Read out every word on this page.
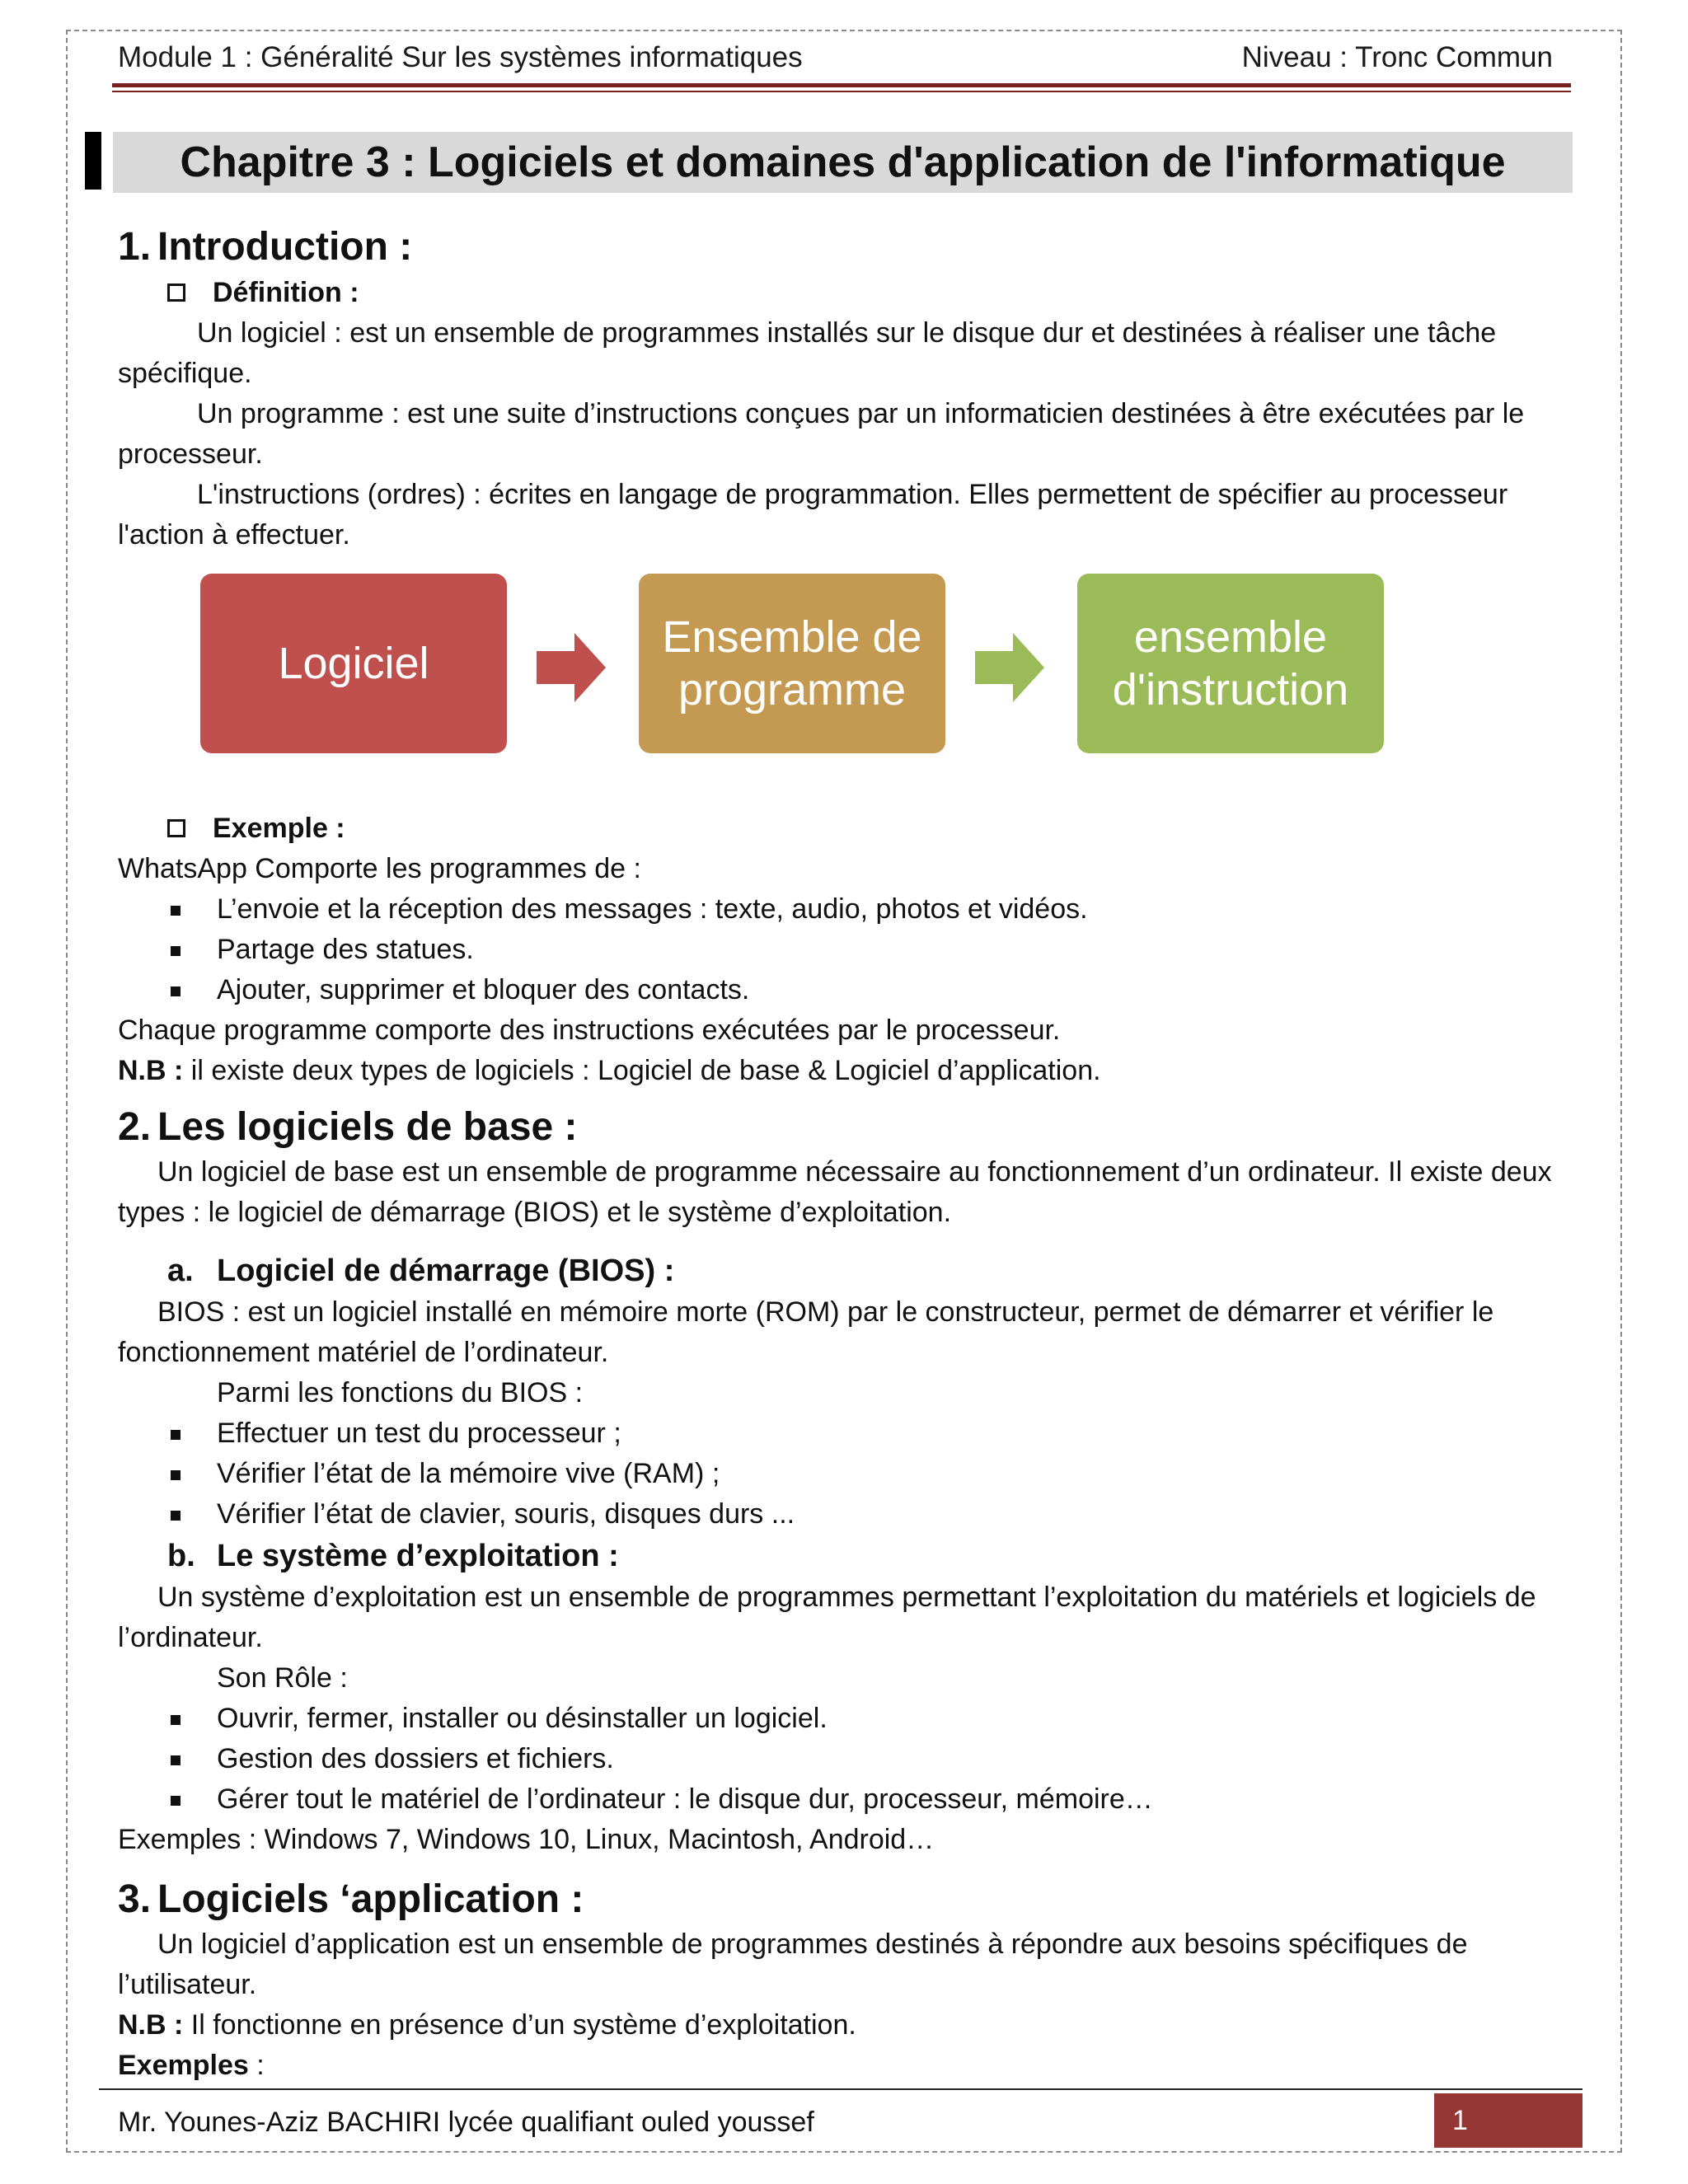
Module 1 : Généralité Sur les systèmes informatiques	Niveau : Tronc Commun
Chapitre 3 : Logiciels et domaines d'application de l'informatique
1. Introduction :
Définition :

Un logiciel : est un ensemble de programmes installés sur le disque dur et destinées à réaliser une tâche spécifique.

Un programme : est une suite d’instructions conçues par un informaticien destinées à être exécutées par le processeur.

L'instructions (ordres) : écrites en langage de programmation. Elles permettent de spécifier au processeur l'action à effectuer.

Logiciel
Ensemble de programme
ensemble d'instruction
Exemple :

WhatsApp Comporte les programmes de :

L’envoie et la réception des messages : texte, audio, photos et vidéos.
Partage des statues.
Ajouter, supprimer et bloquer des contacts.

Chaque programme comporte des instructions exécutées par le processeur.

N.B : il existe deux types de logiciels : Logiciel de base & Logiciel d’application.

2. Les logiciels de base :

Un logiciel de base est un ensemble de programme nécessaire au fonctionnement d’un ordinateur. Il existe deux types : le logiciel de démarrage (BIOS) et le système d’exploitation.

a. Logiciel de démarrage (BIOS) :

BIOS : est un logiciel installé en mémoire morte (ROM) par le constructeur, permet de démarrer et vérifier le fonctionnement matériel de l’ordinateur.

Parmi les fonctions du BIOS :

Effectuer un test du processeur ;
Vérifier l’état de la mémoire vive (RAM) ;
Vérifier l’état de clavier, souris, disques durs ...
b. Le système d’exploitation :

Un système d’exploitation est un ensemble de programmes permettant l’exploitation du matériels et logiciels de l’ordinateur.

Son Rôle :

Ouvrir, fermer, installer ou désinstaller un logiciel.
Gestion des dossiers et fichiers.
Gérer tout le matériel de l’ordinateur : le disque dur, processeur, mémoire…

Exemples : Windows 7, Windows 10, Linux, Macintosh, Android…

3. Logiciels ‘application :

Un logiciel d’application est un ensemble de programmes destinés à répondre aux besoins spécifiques de l’utilisateur.

N.B : Il fonctionne en présence d’un système d’exploitation.

Exemples :

Mr. Younes-Aziz BACHIRI lycée qualifiant ouled youssef	1
